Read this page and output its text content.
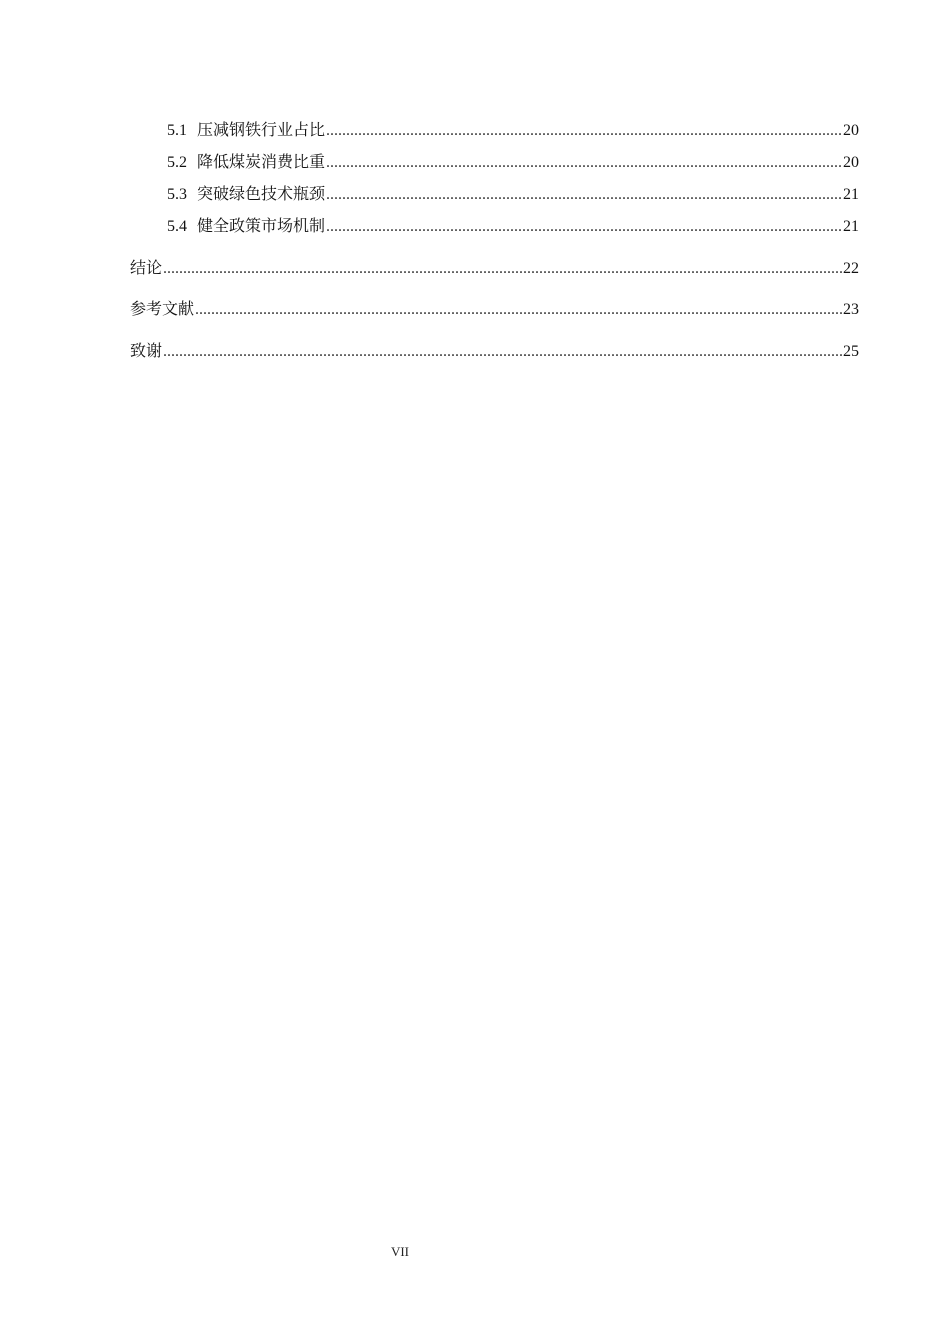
5.1 压减钢铁行业占比 .....	20
5.2 降低煤炭消费比重 .....	20
5.3 突破绿色技术瓶颈 .....	21
5.4 健全政策市场机制 .....	21
结论 .....	22
参考文献 .....	23
致谢 .....	25
VII
